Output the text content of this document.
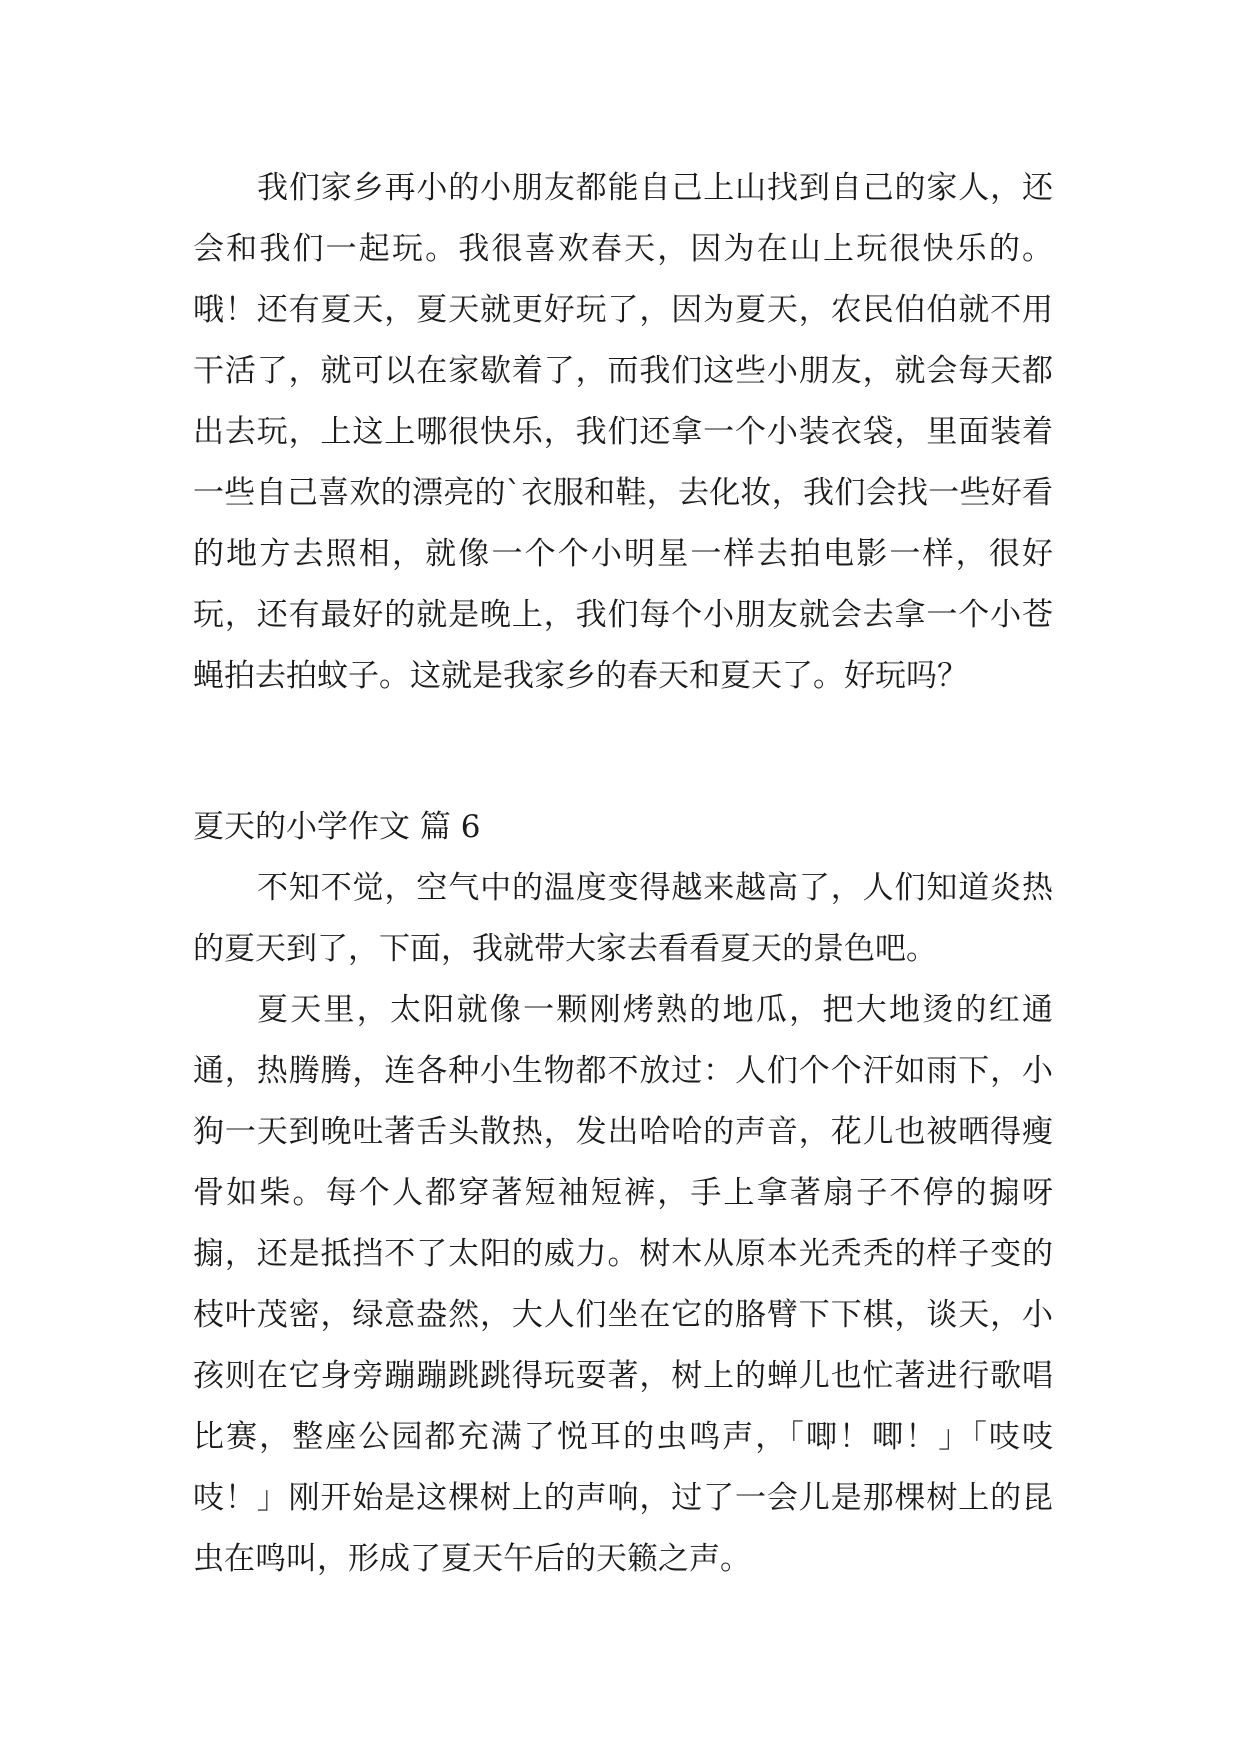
我们家乡再小的小朋友都能自己上山找到自己的家人，还会和我们一起玩。我很喜欢春天，因为在山上玩很快乐的。哦！还有夏天，夏天就更好玩了，因为夏天，农民伯伯就不用干活了，就可以在家歇着了，而我们这些小朋友，就会每天都出去玩，上这上哪很快乐，我们还拿一个小装衣袋，里面装着一些自己喜欢的漂亮的`衣服和鞋，去化妆，我们会找一些好看的地方去照相，就像一个个小明星一样去拍电影一样，很好玩，还有最好的就是晚上，我们每个小朋友就会去拿一个小苍蝇拍去拍蚊子。这就是我家乡的春天和夏天了。好玩吗？

夏天的小学作文 篇 6

不知不觉，空气中的温度变得越来越高了，人们知道炎热的夏天到了，下面，我就带大家去看看夏天的景色吧。

夏天里，太阳就像一颗刚烤熟的地瓜，把大地烫的红通通，热腾腾，连各种小生物都不放过：人们个个汗如雨下，小狗一天到晚吐著舌头散热，发出哈哈的声音，花儿也被晒得瘦骨如柴。每个人都穿著短袖短裤，手上拿著扇子不停的搧呀搧，还是抵挡不了太阳的威力。树木从原本光秃秃的样子变的枝叶茂密，绿意盎然，大人们坐在它的胳臂下下棋，谈天，小孩则在它身旁蹦蹦跳跳得玩耍著，树上的蝉儿也忙著进行歌唱比赛，整座公园都充满了悦耳的虫鸣声，「唧！唧！」「吱吱吱！」刚开始是这棵树上的声响，过了一会儿是那棵树上的昆虫在鸣叫，形成了夏天午后的天籁之声。
